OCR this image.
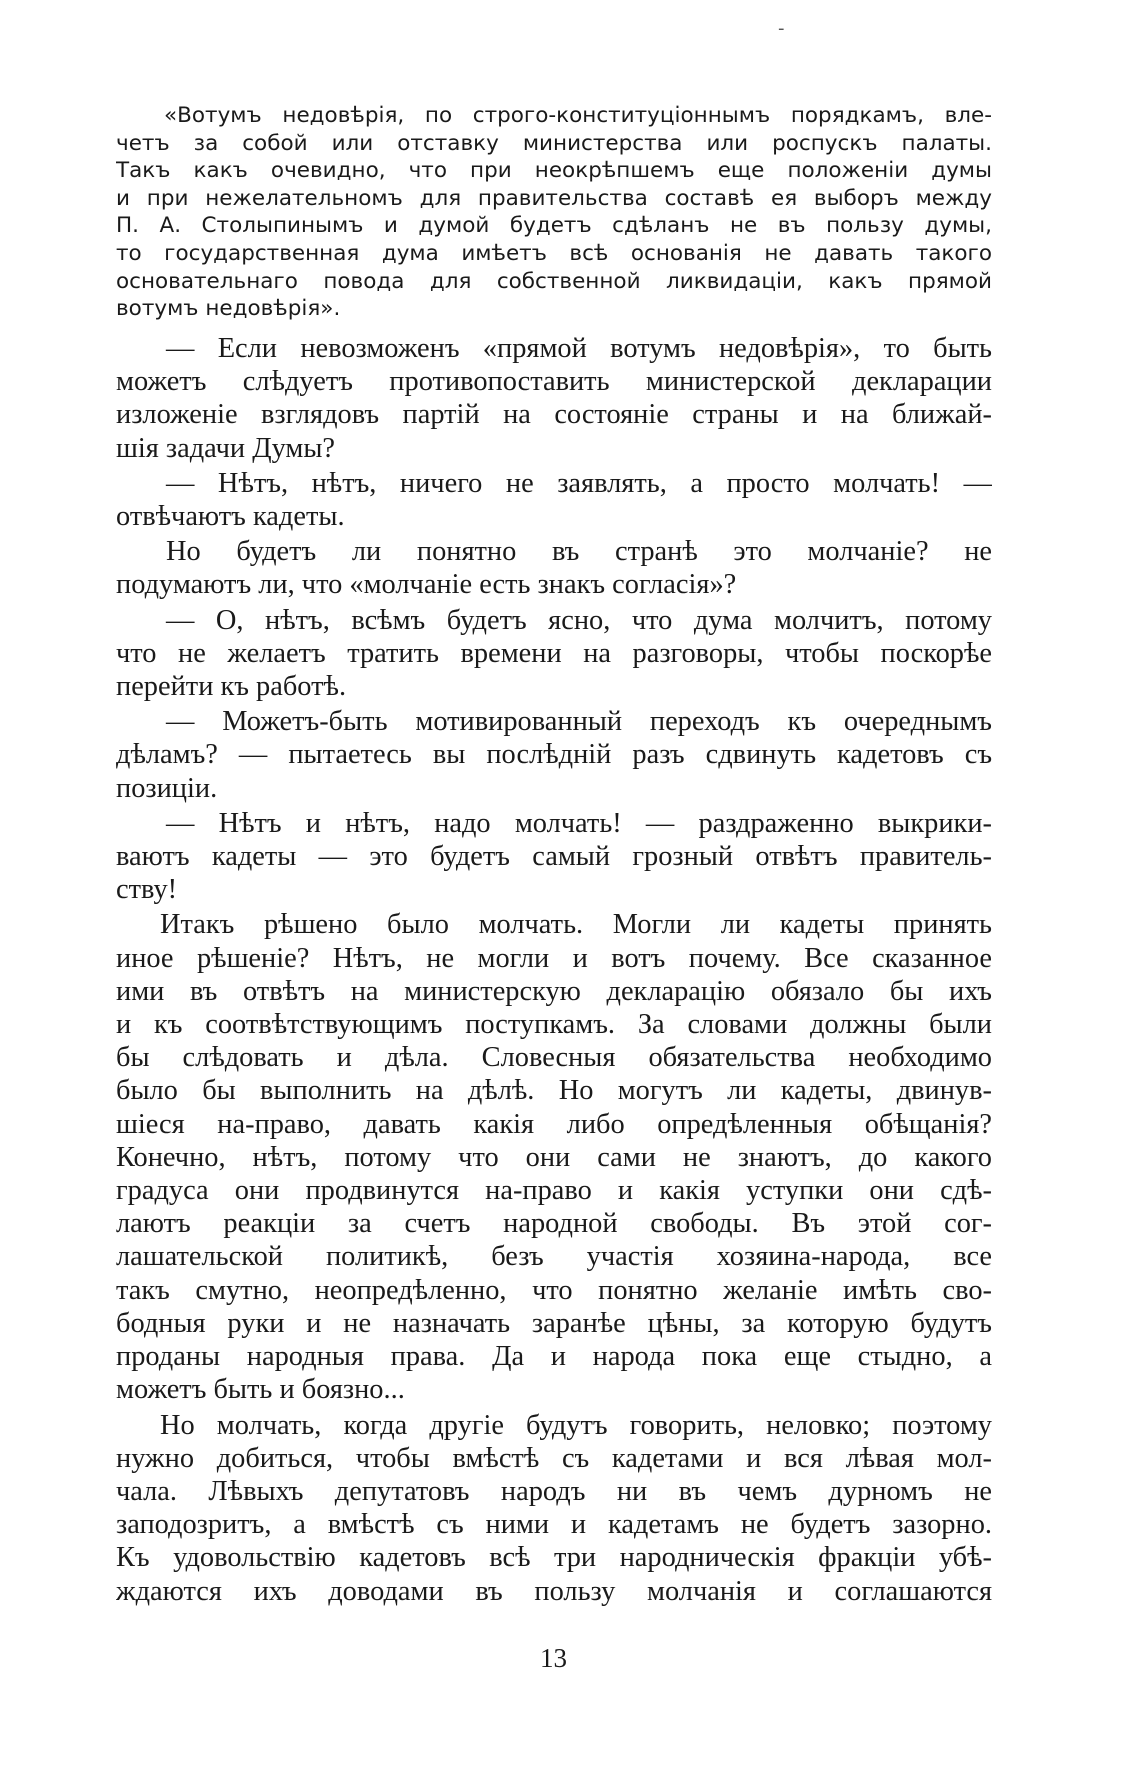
-
«Вотумъ недовѣрія, по строго-конституціоннымъ порядкамъ, вле-
четъ за собой или отставку министерства или роспускъ палаты.
Такъ какъ очевидно, что при неокрѣпшемъ еще положеніи думы
и при нежелательномъ для правительства составѣ ея выборъ между
П. А. Столыпинымъ и думой будетъ сдѣланъ не въ пользу думы,
то государственная дума имѣетъ всѣ основанія не давать такого
основательнаго повода для собственной ликвидаціи, какъ прямой
вотумъ недовѣрія».
— Если невозможенъ «прямой вотумъ недовѣрія», то быть
можетъ слѣдуетъ противопоставить министерской декларации
изложеніе взглядовъ партій на состояніе страны и на ближай-
шія задачи Думы?
— Нѣтъ, нѣтъ, ничего не заявлять, а просто молчать! —
отвѣчаютъ кадеты.
Но будетъ ли понятно въ странѣ это молчаніе? не
подумаютъ ли, что «молчаніе есть знакъ согласія»?
— О, нѣтъ, всѣмъ будетъ ясно, что дума молчитъ, потому
что не желаетъ тратить времени на разговоры, чтобы поскорѣе
перейти къ работѣ.
— Можетъ-быть мотивированный переходъ къ очереднымъ
дѣламъ? — пытаетесь вы послѣдній разъ сдвинуть кадетовъ съ
позиціи.
— Нѣтъ и нѣтъ, надо молчать! — раздраженно выкрики-
ваютъ кадеты — это будетъ самый грозный отвѣтъ правитель-
ству!
Итакъ рѣшено было молчать. Могли ли кадеты принять
иное рѣшеніе? Нѣтъ, не могли и вотъ почему. Все сказанное
ими въ отвѣтъ на министерскую декларацію обязало бы ихъ
и къ соотвѣтствующимъ поступкамъ. За словами должны были
бы слѣдовать и дѣла. Словесныя обязательства необходимо
было бы выполнить на дѣлѣ. Но могутъ ли кадеты, двинув-
шіеся на-право, давать какія либо опредѣленныя обѣщанія?
Конечно, нѣтъ, потому что они сами не знаютъ, до какого
градуса они продвинутся на-право и какія уступки они сдѣ-
лаютъ реакціи за счетъ народной свободы. Въ этой сог-
лашательской политикѣ, безъ участія хозяина-народа, все
такъ смутно, неопредѣленно, что понятно желаніе имѣть сво-
бодныя руки и не назначать заранѣе цѣны, за которую будутъ
проданы народныя права. Да и народа пока еще стыдно, а
можетъ быть и боязно...
Но молчать, когда другіе будутъ говорить, неловко; поэтому
нужно добиться, чтобы вмѣстѣ съ кадетами и вся лѣвая мол-
чала. Лѣвыхъ депутатовъ народъ ни въ чемъ дурномъ не
заподозритъ, а вмѣстѣ съ ними и кадетамъ не будетъ зазорно.
Къ удовольствію кадетовъ всѣ три народническія фракціи убѣ-
ждаются ихъ доводами въ пользу молчанія и соглашаются
13
